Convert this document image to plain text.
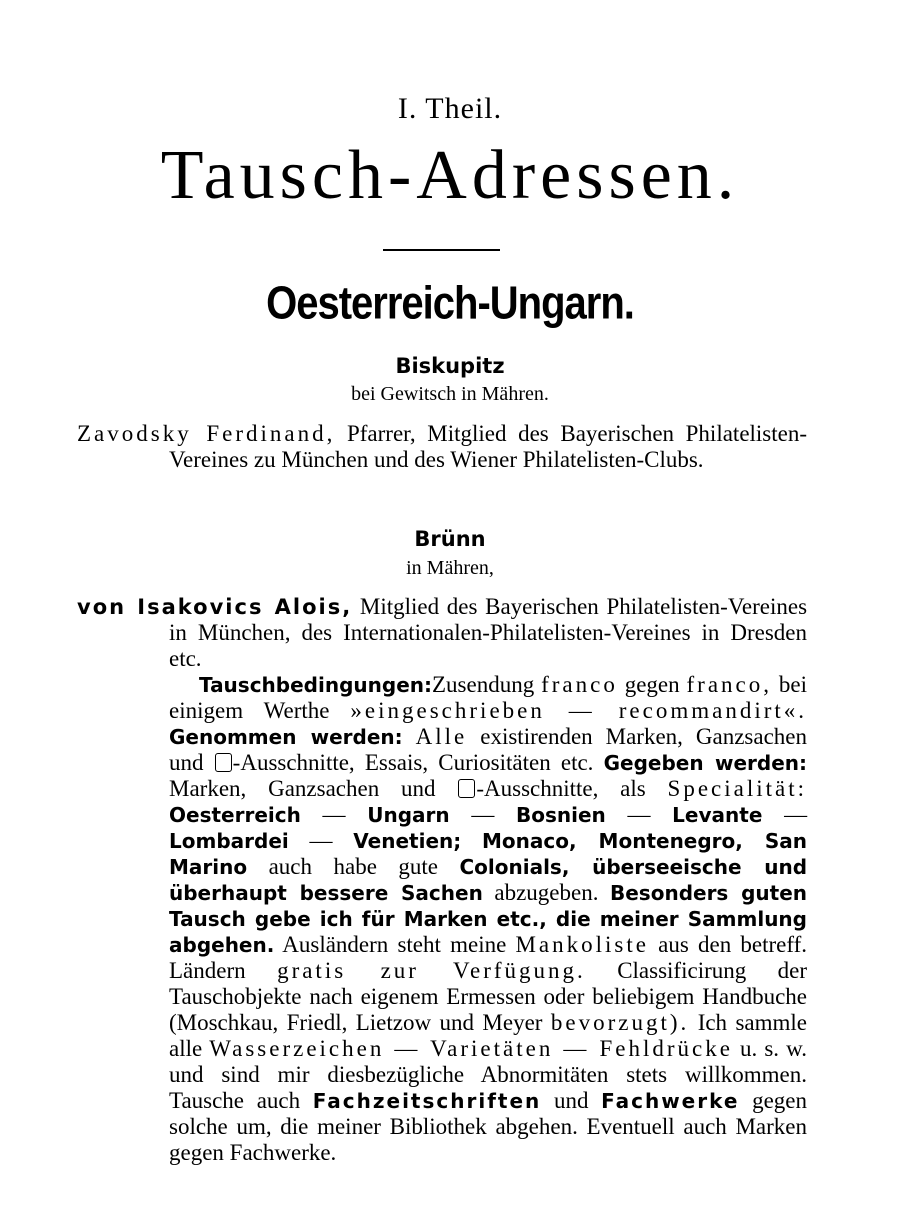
I. Theil.
Tausch-Adressen.
Oesterreich-Ungarn.
Biskupitz
bei Gewitsch in Mähren.

Zavodsky Ferdinand, Pfarrer, Mitglied des Bayerischen Philatelisten-Vereines zu München und des Wiener Philatelisten-Clubs.

Brünn
in Mähren,

von Isakovics Alois, Mitglied des Bayerischen Philatelisten-Vereines in München, des Internationalen-Philatelisten-Vereines in Dresden etc.

Tauschbedingungen:Zusendung franco gegen franco, bei einigem Werthe »eingeschrieben — recommandirt«. Genommen werden: Alle existirenden Marken, Ganzsachen und -Ausschnitte, Essais, Curiositäten etc. Gegeben werden: Marken, Ganzsachen und -Ausschnitte, als Specialität: Oesterreich — Ungarn — Bosnien — Levante — Lombardei — Venetien; Monaco, Montenegro, San Marino auch habe gute Colonials, überseeische und überhaupt bessere Sachen abzugeben. Besonders guten Tausch gebe ich für Marken etc., die meiner Sammlung abgehen. Ausländern steht meine Mankoliste aus den betreff. Ländern gratis zur Verfügung. Classificirung der Tauschobjekte nach eigenem Ermessen oder beliebigem Handbuche (Moschkau, Friedl, Lietzow und Meyer bevorzugt). Ich sammle alle Wasserzeichen — Varietäten — Fehldrücke u. s. w. und sind mir diesbezügliche Abnormitäten stets willkommen. Tausche auch Fachzeitschriften und Fachwerke gegen solche um, die meiner Bibliothek abgehen. Eventuell auch Marken gegen Fachwerke.
